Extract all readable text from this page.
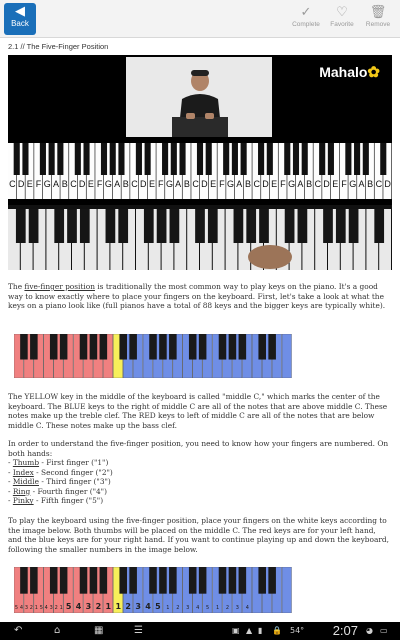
◀
Back
✓
Complete
♡
Favorite
🗑
Remove
2.1 // The Five-Finger Position
Mahalo✿
C D E F G A B C D E F G A B C D E F G A B C D E F G A B C D E F G A B C D E F G A B C D

The five-finger position is traditionally the most common way to play keys on the piano. It's a good way to know exactly where to place your fingers on the keyboard. First, let's take a look at what the keys on a piano look like (full pianos have a total of 88 keys and the bigger keys are typically white).

The YELLOW key in the middle of the keyboard is called "middle C," which marks the center of the keyboard. The BLUE keys to the right of middle C are all of the notes that are above middle C. These notes make up the treble clef. The RED keys to left of middle C are all of the notes that are below middle C. These notes make up the bass clef.

In order to understand the five-finger position, you need to know how your fingers are numbered. On both hands:

- Thumb - First finger ("1")
- Index - Second finger ("2")
- Middle - Third finger ("3")
- Ring - Fourth finger ("4")
- Pinky - Fifth finger ("5")

To play the keyboard using the five-finger position, place your fingers on the white keys according to the image below. Both thumbs will be placed on the middle C. The red keys are for your left hand, and the blue keys are for your right hand. If you want to continue playing up and down the keyboard, following the smaller numbers in the image below.

5 4 3 2 1 5 4 3 2 1 5 4 3 2 1 1 2 3 4 5 1 2 3 4 5 1 2 3 4
↶	⌂	▦	☰	▣ ▲ ▮ 🔒 54° 2:07 ◕ ▭
